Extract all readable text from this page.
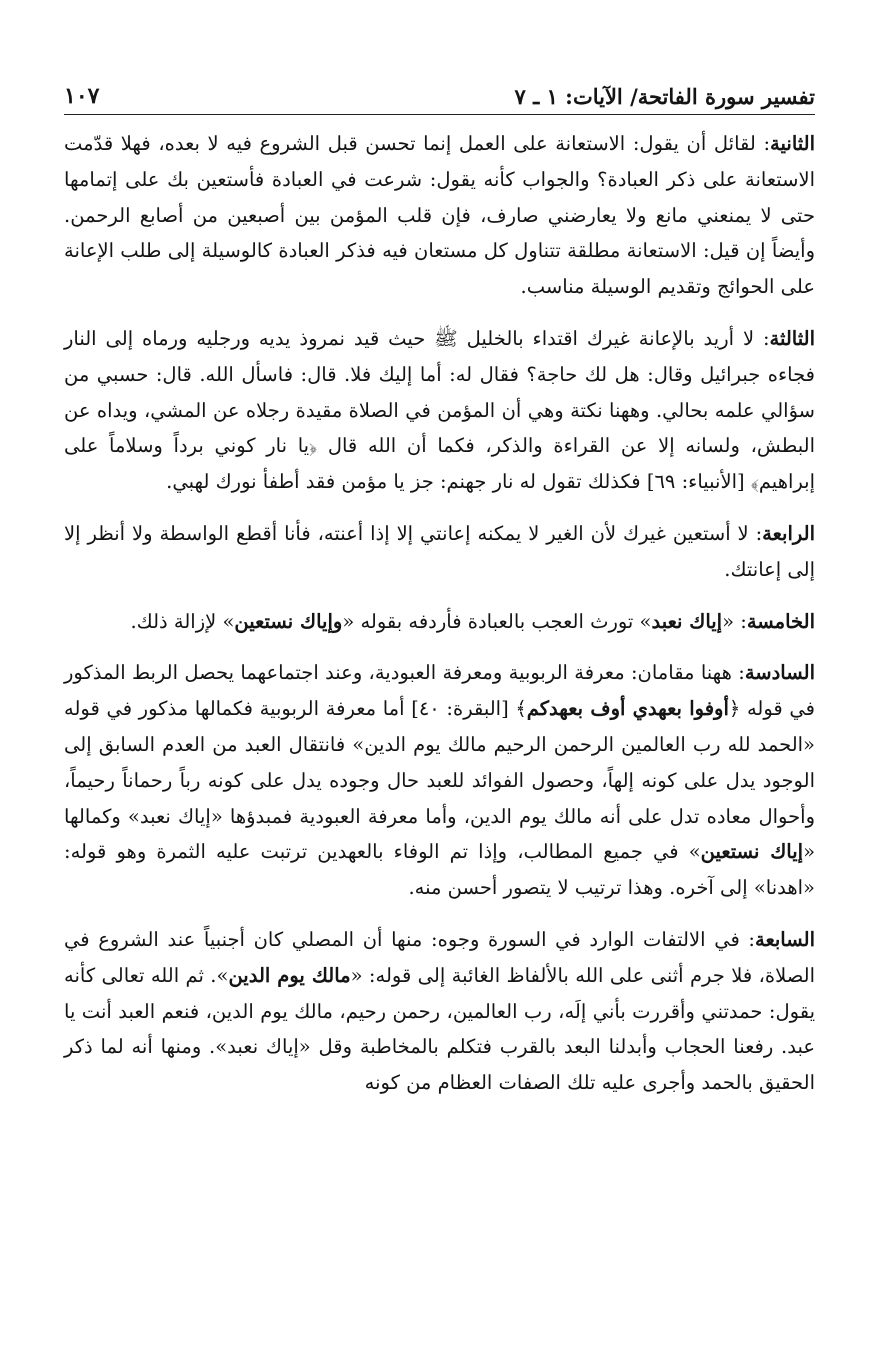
تفسير سورة الفاتحة/ الآيات: ١ ـ ٧
١٠٧

الثانية: لقائل أن يقول: الاستعانة على العمل إنما تحسن قبل الشروع فيه لا بعده، فهلا قدّمت الاستعانة على ذكر العبادة؟ والجواب كأنه يقول: شرعت في العبادة فأستعين بك على إتمامها حتى لا يمنعني مانع ولا يعارضني صارف، فإن قلب المؤمن بين أصبعين من أصابع الرحمن. وأيضاً إن قيل: الاستعانة مطلقة تتناول كل مستعان فيه فذكر العبادة كالوسيلة إلى طلب الإعانة على الحوائج وتقديم الوسيلة مناسب.

الثالثة: لا أريد بالإعانة غيرك اقتداء بالخليل ﷺ حيث قيد نمروذ يديه ورجليه ورماه إلى النار فجاءه جبرائيل وقال: هل لك حاجة؟ فقال له: أما إليك فلا. قال: فاسأل الله. قال: حسبي من سؤالي علمه بحالي. وههنا نكتة وهي أن المؤمن في الصلاة مقيدة رجلاه عن المشي، ويداه عن البطش، ولسانه إلا عن القراءة والذكر، فكما أن الله قال ﴿يا نار كوني برداً وسلاماً على إبراهيم﴾ [الأنبياء: ٦٩] فكذلك تقول له نار جهنم: جز يا مؤمن فقد أطفأ نورك لهبي.

الرابعة: لا أستعين غيرك لأن الغير لا يمكنه إعانتي إلا إذا أعنته، فأنا أقطع الواسطة ولا أنظر إلا إلى إعانتك.

الخامسة: «إياك نعبد» تورث العجب بالعبادة فأردفه بقوله «وإياك نستعين» لإزالة ذلك.

السادسة: ههنا مقامان: معرفة الربوبية ومعرفة العبودية، وعند اجتماعهما يحصل الربط المذكور في قوله ﴿أوفوا بعهدي أوف بعهدكم﴾ [البقرة: ٤٠] أما معرفة الربوبية فكمالها مذكور في قوله «الحمد لله رب العالمين الرحمن الرحيم مالك يوم الدين» فانتقال العبد من العدم السابق إلى الوجود يدل على كونه إلهاً، وحصول الفوائد للعبد حال وجوده يدل على كونه رباً رحماناً رحيماً، وأحوال معاده تدل على أنه مالك يوم الدين، وأما معرفة العبودية فمبدؤها «إياك نعبد» وكمالها «إياك نستعين» في جميع المطالب، وإذا تم الوفاء بالعهدين ترتبت عليه الثمرة وهو قوله: «اهدنا» إلى آخره. وهذا ترتيب لا يتصور أحسن منه.

السابعة: في الالتفات الوارد في السورة وجوه: منها أن المصلي كان أجنبياً عند الشروع في الصلاة، فلا جرم أثنى على الله بالألفاظ الغائبة إلى قوله: «مالك يوم الدين». ثم الله تعالى كأنه يقول: حمدتني وأقررت بأني إلَه، رب العالمين، رحمن رحيم، مالك يوم الدين، فنعم العبد أنت يا عبد. رفعنا الحجاب وأبدلنا البعد بالقرب فتكلم بالمخاطبة وقل «إياك نعبد». ومنها أنه لما ذكر الحقيق بالحمد وأجرى عليه تلك الصفات العظام من كونه
